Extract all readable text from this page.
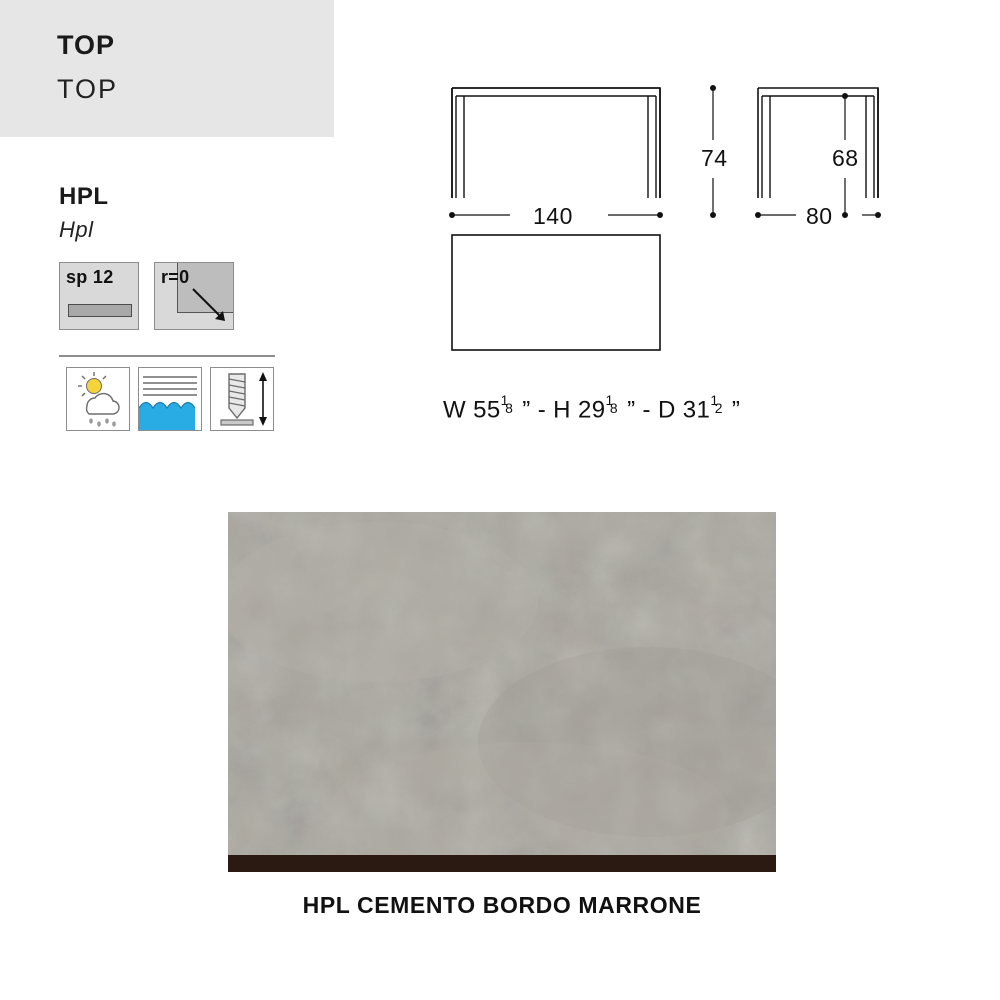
TOP
TOP
HPL
Hpl
sp 12	r=0
140
74	68
80
W 55 1
8 ” - H 29 1
8 ” - D 31 1
2 ”
HPL CEMENTO BORDO MARRONE
